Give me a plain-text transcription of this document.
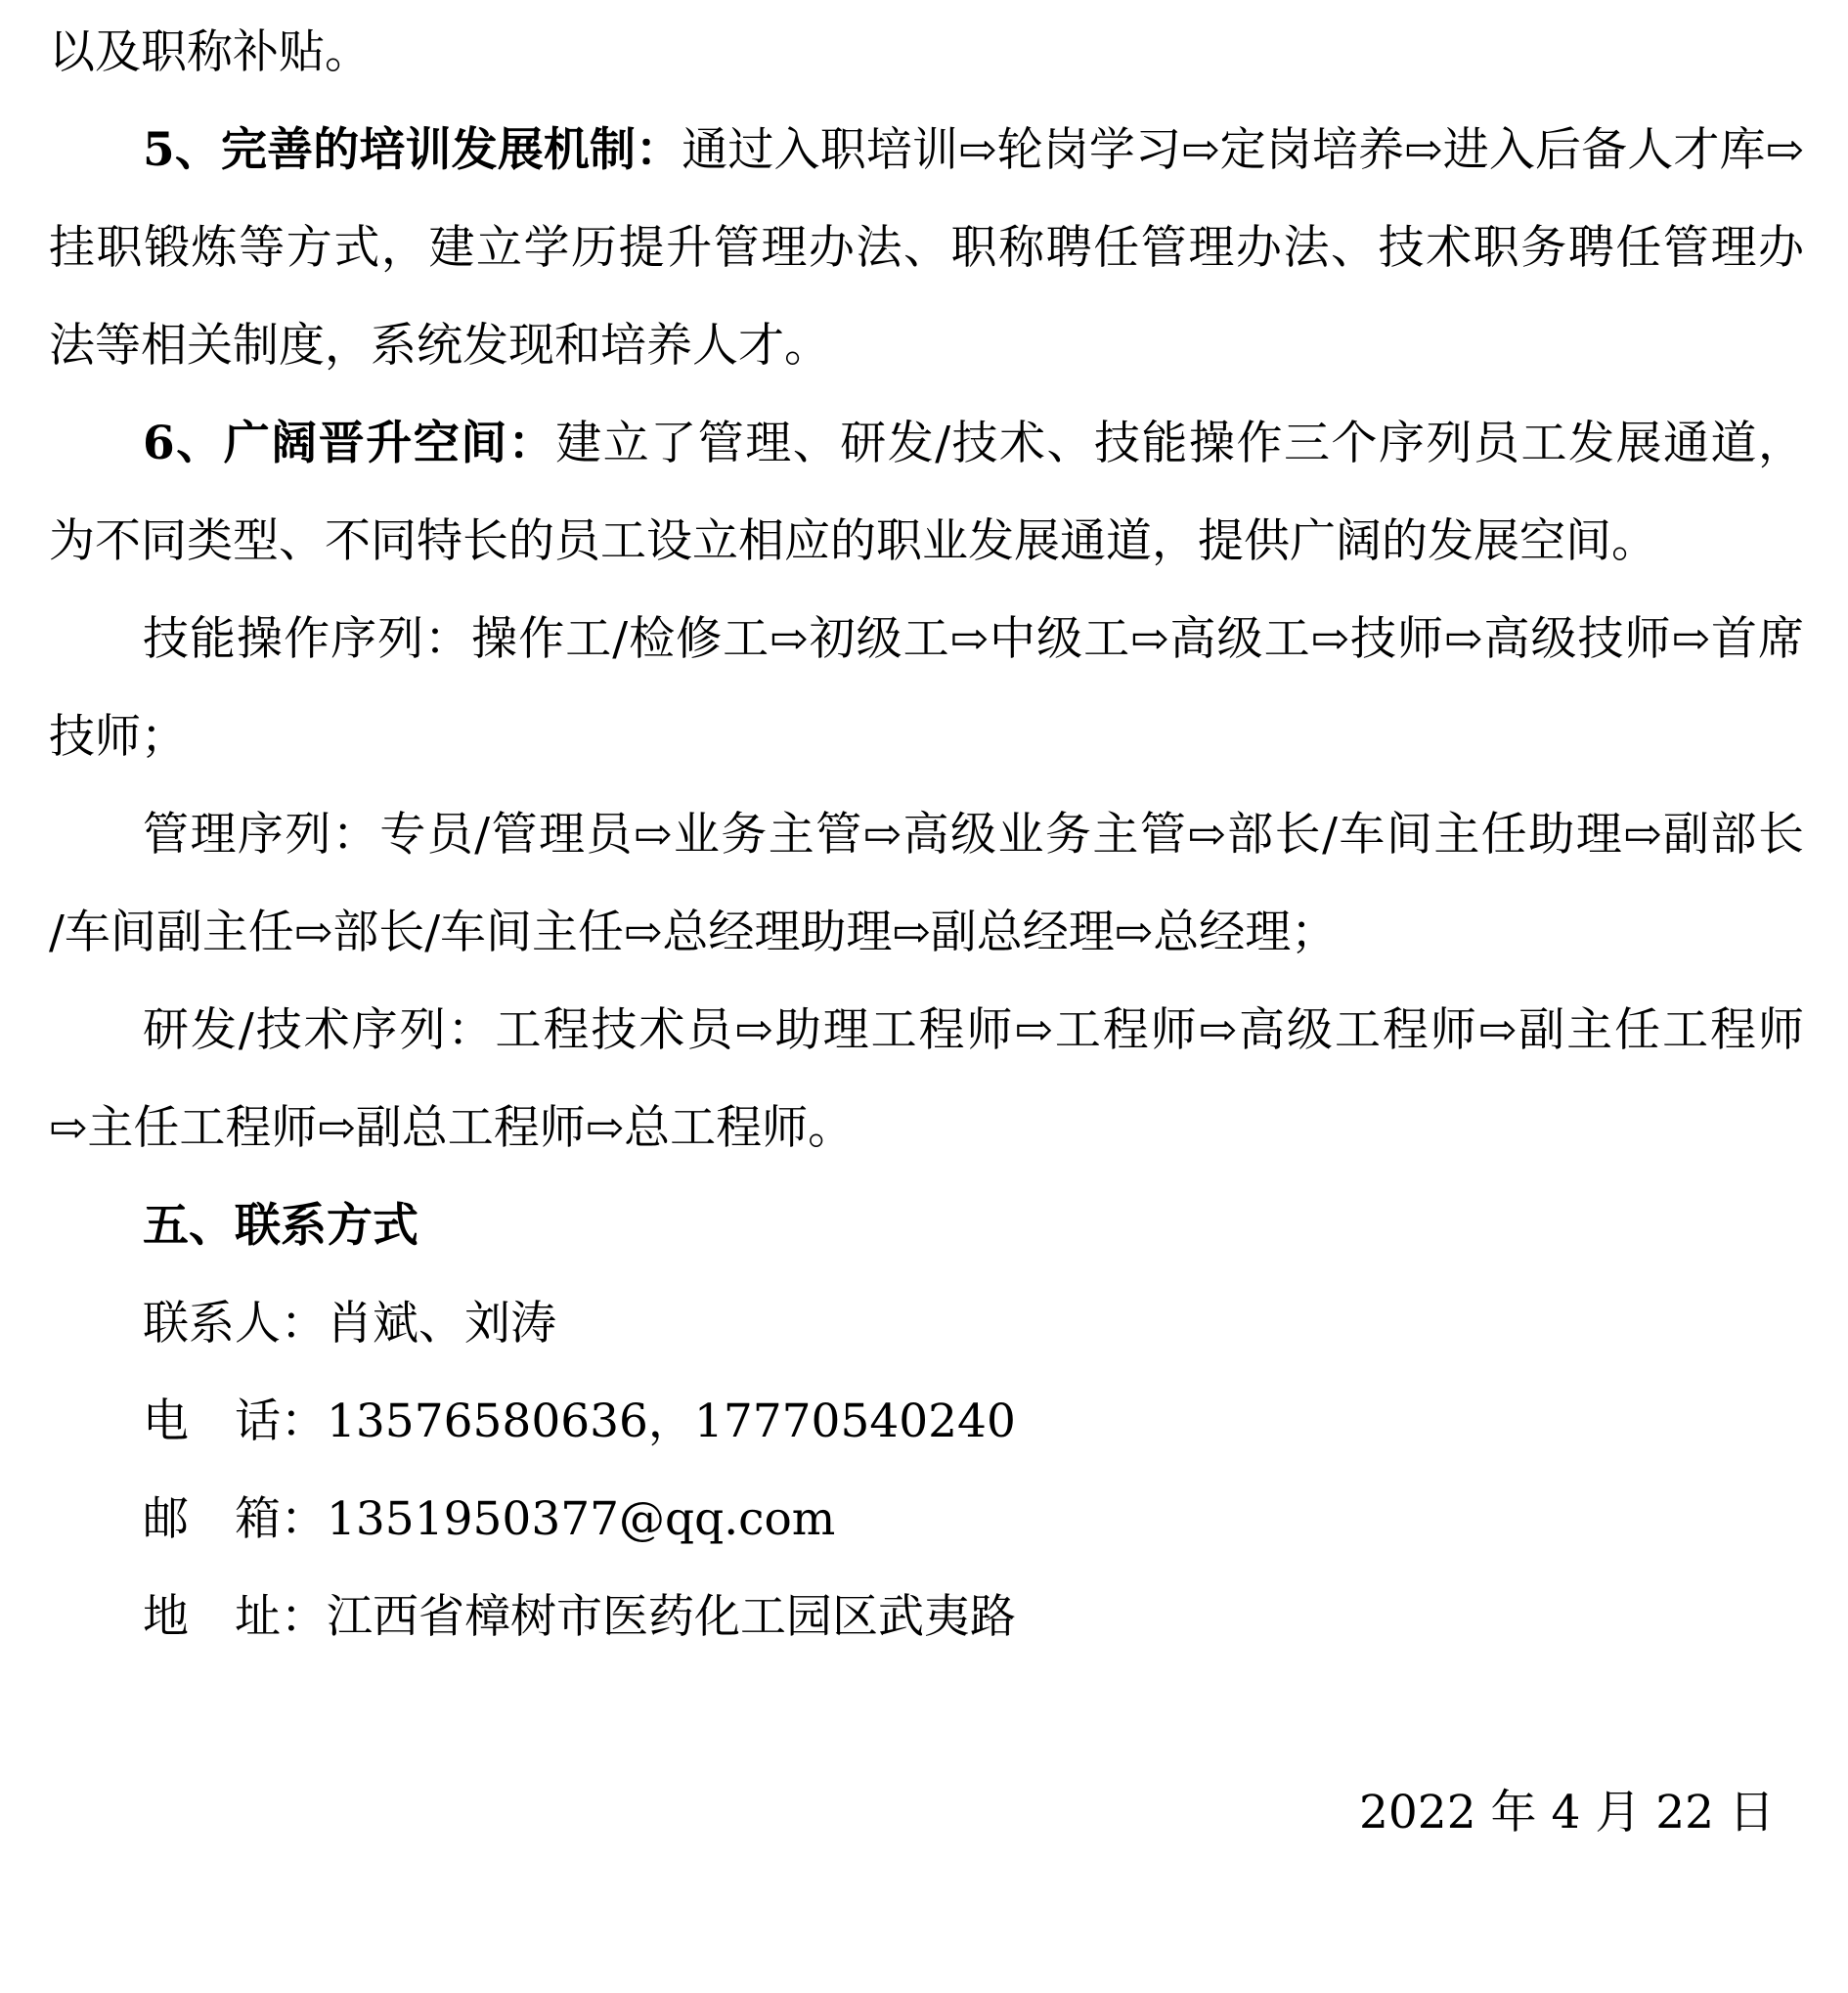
以及职称补贴。
5、完善的培训发展机制：通过入职培训⇨轮岗学习⇨定岗培养⇨进入后备人才库⇨
挂职锻炼等方式，建立学历提升管理办法、职称聘任管理办法、技术职务聘任管理办
法等相关制度，系统发现和培养人才。
6、广阔晋升空间：建立了管理、研发/技术、技能操作三个序列员工发展通道，
为不同类型、不同特长的员工设立相应的职业发展通道，提供广阔的发展空间。
技能操作序列：操作工/检修工⇨初级工⇨中级工⇨高级工⇨技师⇨高级技师⇨首席
技师；
管理序列：专员/管理员⇨业务主管⇨高级业务主管⇨部长/车间主任助理⇨副部长
/车间副主任⇨部长/车间主任⇨总经理助理⇨副总经理⇨总经理；
研发/技术序列：工程技术员⇨助理工程师⇨工程师⇨高级工程师⇨副主任工程师
⇨主任工程师⇨副总工程师⇨总工程师。
五、联系方式
联系人：肖斌、刘涛
电　话：13576580636，17770540240
邮　箱：1351950377@qq.com
地　址：江西省樟树市医药化工园区武夷路
2022 年 4 月 22 日
